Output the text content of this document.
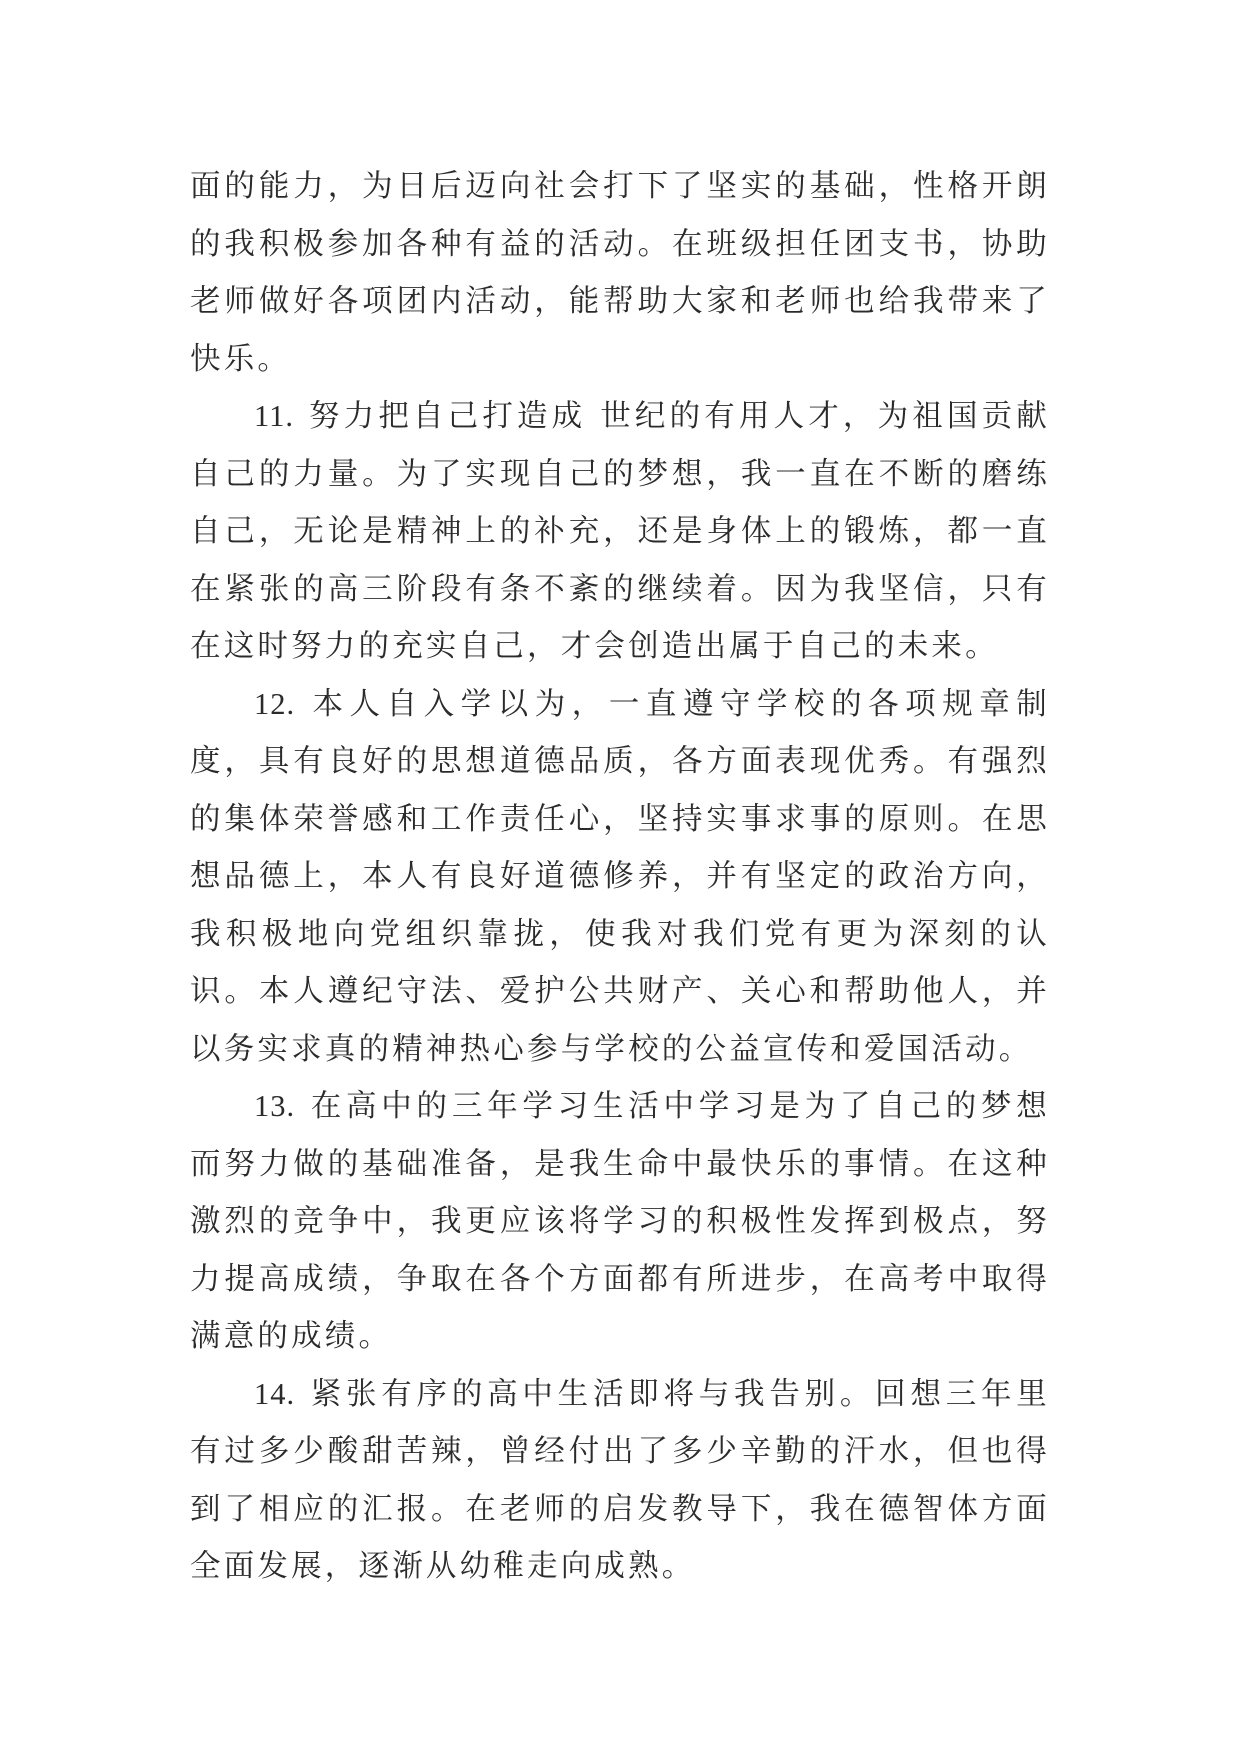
面的能力，为日后迈向社会打下了坚实的基础，性格开朗的我积极参加各种有益的活动。在班级担任团支书，协助老师做好各项团内活动，能帮助大家和老师也给我带来了快乐。

11. 努力把自己打造成 世纪的有用人才，为祖国贡献自己的力量。为了实现自己的梦想，我一直在不断的磨练自己，无论是精神上的补充，还是身体上的锻炼，都一直在紧张的高三阶段有条不紊的继续着。因为我坚信，只有在这时努力的充实自己，才会创造出属于自己的未来。

12. 本人自入学以为，一直遵守学校的各项规章制度，具有良好的思想道德品质，各方面表现优秀。有强烈的集体荣誉感和工作责任心，坚持实事求事的原则。在思想品德上，本人有良好道德修养，并有坚定的政治方向，我积极地向党组织靠拢，使我对我们党有更为深刻的认识。本人遵纪守法、爱护公共财产、关心和帮助他人，并以务实求真的精神热心参与学校的公益宣传和爱国活动。

13. 在高中的三年学习生活中学习是为了自己的梦想而努力做的基础准备，是我生命中最快乐的事情。在这种激烈的竞争中，我更应该将学习的积极性发挥到极点，努力提高成绩，争取在各个方面都有所进步，在高考中取得满意的成绩。

14. 紧张有序的高中生活即将与我告别。回想三年里有过多少酸甜苦辣，曾经付出了多少辛勤的汗水，但也得到了相应的汇报。在老师的启发教导下，我在德智体方面全面发展，逐渐从幼稚走向成熟。
